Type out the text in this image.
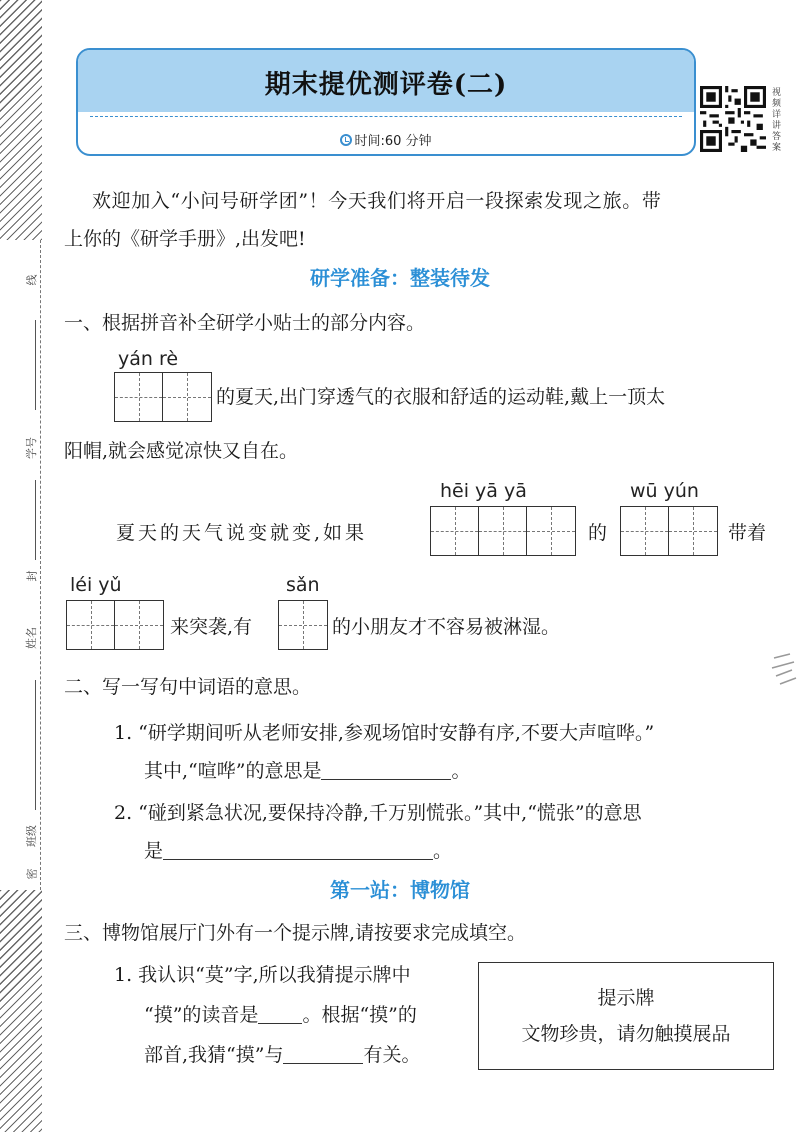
线
学号
封
姓名
班级
密
期末提优测评卷(二)
时间:60 分钟
视频详讲答案
欢迎加入“小问号研学团”！今天我们将开启一段探索发现之旅。带
上你的《研学手册》,出发吧!
研学准备：整装待发
一、根据拼音补全研学小贴士的部分内容。
yán rè
的夏天,出门穿透气的衣服和舒适的运动鞋,戴上一顶太
阳帽,就会感觉凉快又自在。
hēi yā yā	wū yún
夏天的天气说变就变,如果	的	带着
léi yǔ	sǎn
来突袭,有	的小朋友才不容易被淋湿。
二、写一写句中词语的意思。
1. “研学期间听从老师安排,参观场馆时安静有序,不要大声喧哗。”
其中,“喧哗”的意思是	。
2. “碰到紧急状况,要保持冷静,千万别慌张。”其中,“慌张”的意思
是	。
第一站：博物馆
三、博物馆展厅门外有一个提示牌,请按要求完成填空。
1. 我认识“莫”字,所以我猜提示牌中
“摸”的读音是 。根据“摸”的
部首,我猜“摸”与	有关。
提示牌
文物珍贵，请勿触摸展品
